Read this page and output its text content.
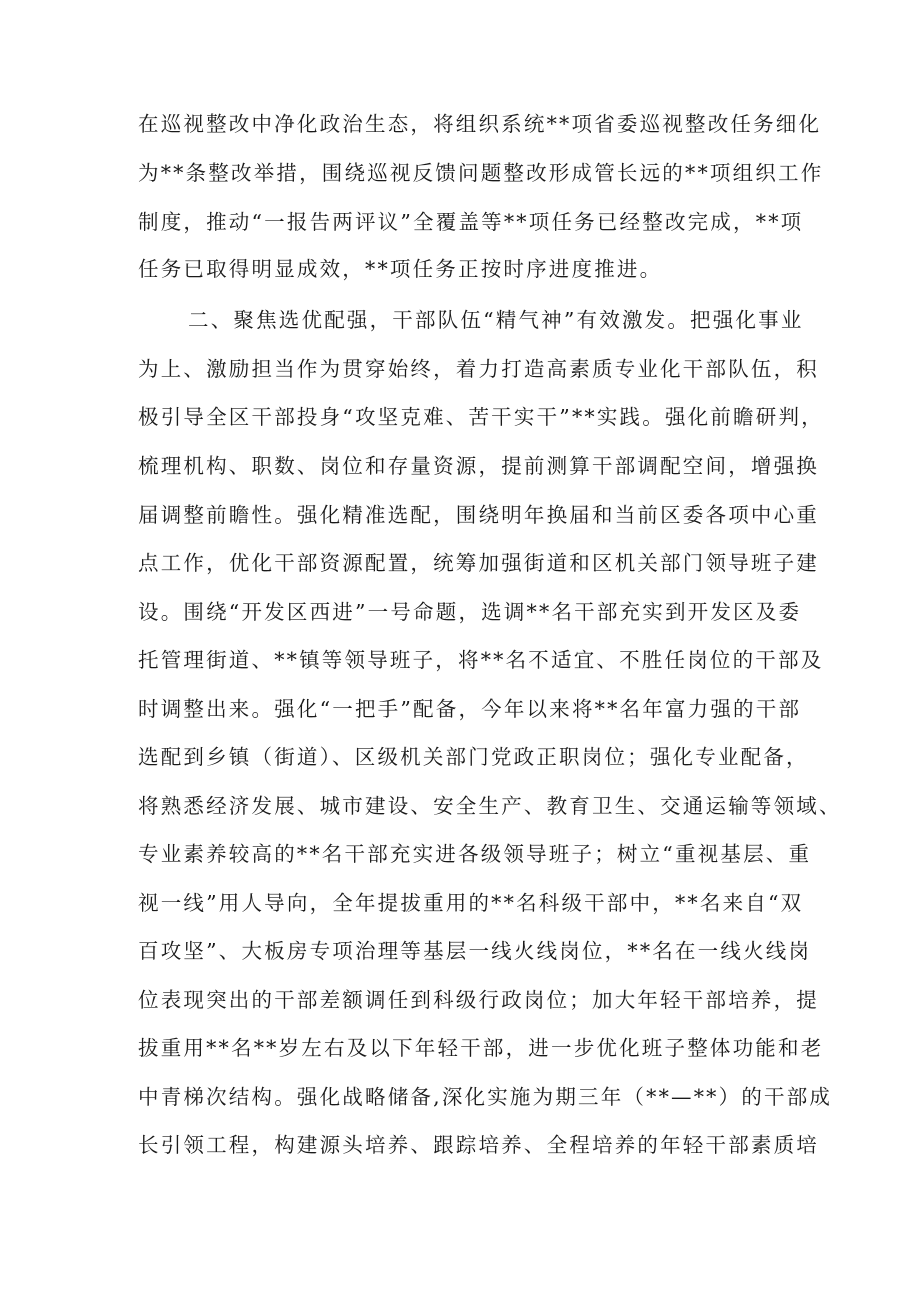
在巡视整改中净化政治生态，将组织系统**项省委巡视整改任务细化
为**条整改举措，围绕巡视反馈问题整改形成管长远的**项组织工作
制度，推动“一报告两评议”全覆盖等**项任务已经整改完成，**项
任务已取得明显成效，**项任务正按时序进度推进。
二、聚焦选优配强，干部队伍“精气神”有效激发。把强化事业
为上、激励担当作为贯穿始终，着力打造高素质专业化干部队伍，积
极引导全区干部投身“攻坚克难、苦干实干”**实践。强化前瞻研判，
梳理机构、职数、岗位和存量资源，提前测算干部调配空间，增强换
届调整前瞻性。强化精准选配，围绕明年换届和当前区委各项中心重
点工作，优化干部资源配置，统筹加强街道和区机关部门领导班子建
设。围绕“开发区西进”一号命题，选调**名干部充实到开发区及委
托管理街道、**镇等领导班子，将**名不适宜、不胜任岗位的干部及
时调整出来。强化“一把手”配备，今年以来将**名年富力强的干部
选配到乡镇（街道）、区级机关部门党政正职岗位；强化专业配备，
将熟悉经济发展、城市建设、安全生产、教育卫生、交通运输等领域、
专业素养较高的**名干部充实进各级领导班子；树立“重视基层、重
视一线”用人导向，全年提拔重用的**名科级干部中，**名来自“双
百攻坚”、大板房专项治理等基层一线火线岗位，**名在一线火线岗
位表现突出的干部差额调任到科级行政岗位；加大年轻干部培养，提
拔重用**名**岁左右及以下年轻干部，进一步优化班子整体功能和老
中青梯次结构。强化战略储备,深化实施为期三年（**—**）的干部成
长引领工程，构建源头培养、跟踪培养、全程培养的年轻干部素质培
